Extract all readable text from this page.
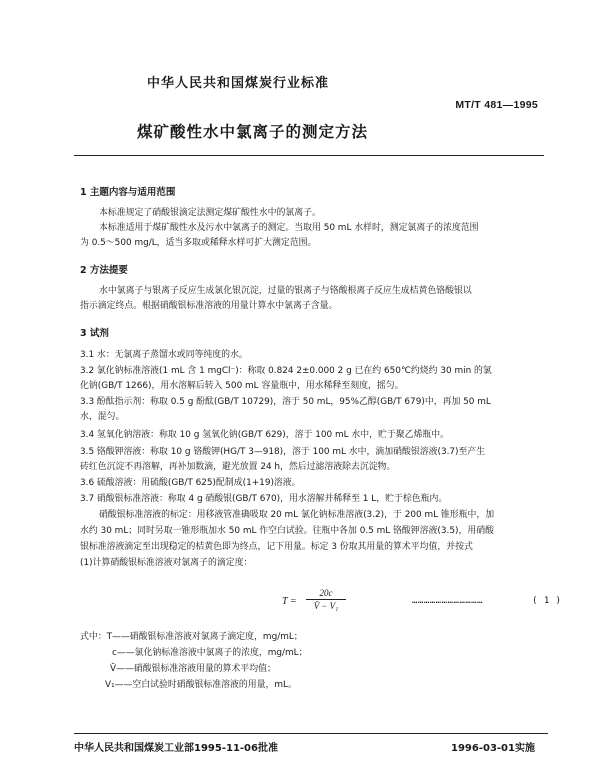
中华人民共和国煤炭行业标准
MT/T 481—1995
煤矿酸性水中氯离子的测定方法
1 主题内容与适用范围
本标准规定了硝酸银滴定法测定煤矿酸性水中的氯离子。
本标准适用于煤矿酸性水及污水中氯离子的测定。当取用 50 mL 水样时，测定氯离子的浓度范围
为 0.5～500 mg/L，适当多取或稀释水样可扩大测定范围。
2 方法提要
水中氯离子与银离子反应生成氯化银沉淀，过量的银离子与铬酸根离子反应生成桔黄色铬酸银以
指示滴定终点。根据硝酸银标准溶液的用量计算水中氯离子含量。
3 试剂
3.1 水：无氯离子蒸馏水或同等纯度的水。
3.2 氯化钠标准溶液(1 mL 含 1 mgCl⁻)：称取 0.824 2±0.000 2 g 已在约 650℃约烧约 30 min 的氯
化钠(GB/T 1266)，用水溶解后转入 500 mL 容量瓶中，用水稀释至刻度，摇匀。
3.3 酚酞指示剂：称取 0.5 g 酚酞(GB/T 10729)，溶于 50 mL，95%乙醇(GB/T 679)中，再加 50 mL
水，混匀。
3.4 氢氧化钠溶液：称取 10 g 氢氧化钠(GB/T 629)，溶于 100 mL 水中，贮于聚乙烯瓶中。
3.5 铬酸钾溶液：称取 10 g 铬酸钾(HG/T 3—918)，溶于 100 mL 水中，滴加硝酸银溶液(3.7)至产生
砖红色沉淀不再溶解，再补加数滴，避光放置 24 h，然后过滤溶液除去沉淀物。
3.6 硫酸溶液：用硫酸(GB/T 625)配制成(1+19)溶液。
3.7 硝酸银标准溶液：称取 4 g 硝酸银(GB/T 670)，用水溶解并稀释至 1 L，贮于棕色瓶内。
硝酸银标准溶液的标定：用移液管准确吸取 20 mL 氯化钠标准溶液(3.2)，于 200 mL 锥形瓶中，加
水约 30 mL；同时另取一锥形瓶加水 50 mL 作空白试验。往瓶中各加 0.5 mL 铬酸钾溶液(3.5)，用硝酸
银标准溶液滴定至出现稳定的桔黄色即为终点，记下用量。标定 3 份取其用量的算术平均值，并按式
(1)计算硝酸银标准溶液对氯离子的滴定度：
$T = \frac{20c}{\text{V̄ − V₁}}$	………………………………	( 1 )
式中：T——硝酸银标准溶液对氯离子滴定度，mg/mL；
c——氯化钠标准溶液中氯离子的浓度，mg/mL；
V̄——硝酸银标准溶液用量的算术平均值；
V₁——空白试验时硝酸银标准溶液的用量，mL。
中华人民共和国煤炭工业部1995-11-06批准	1996-03-01实施
